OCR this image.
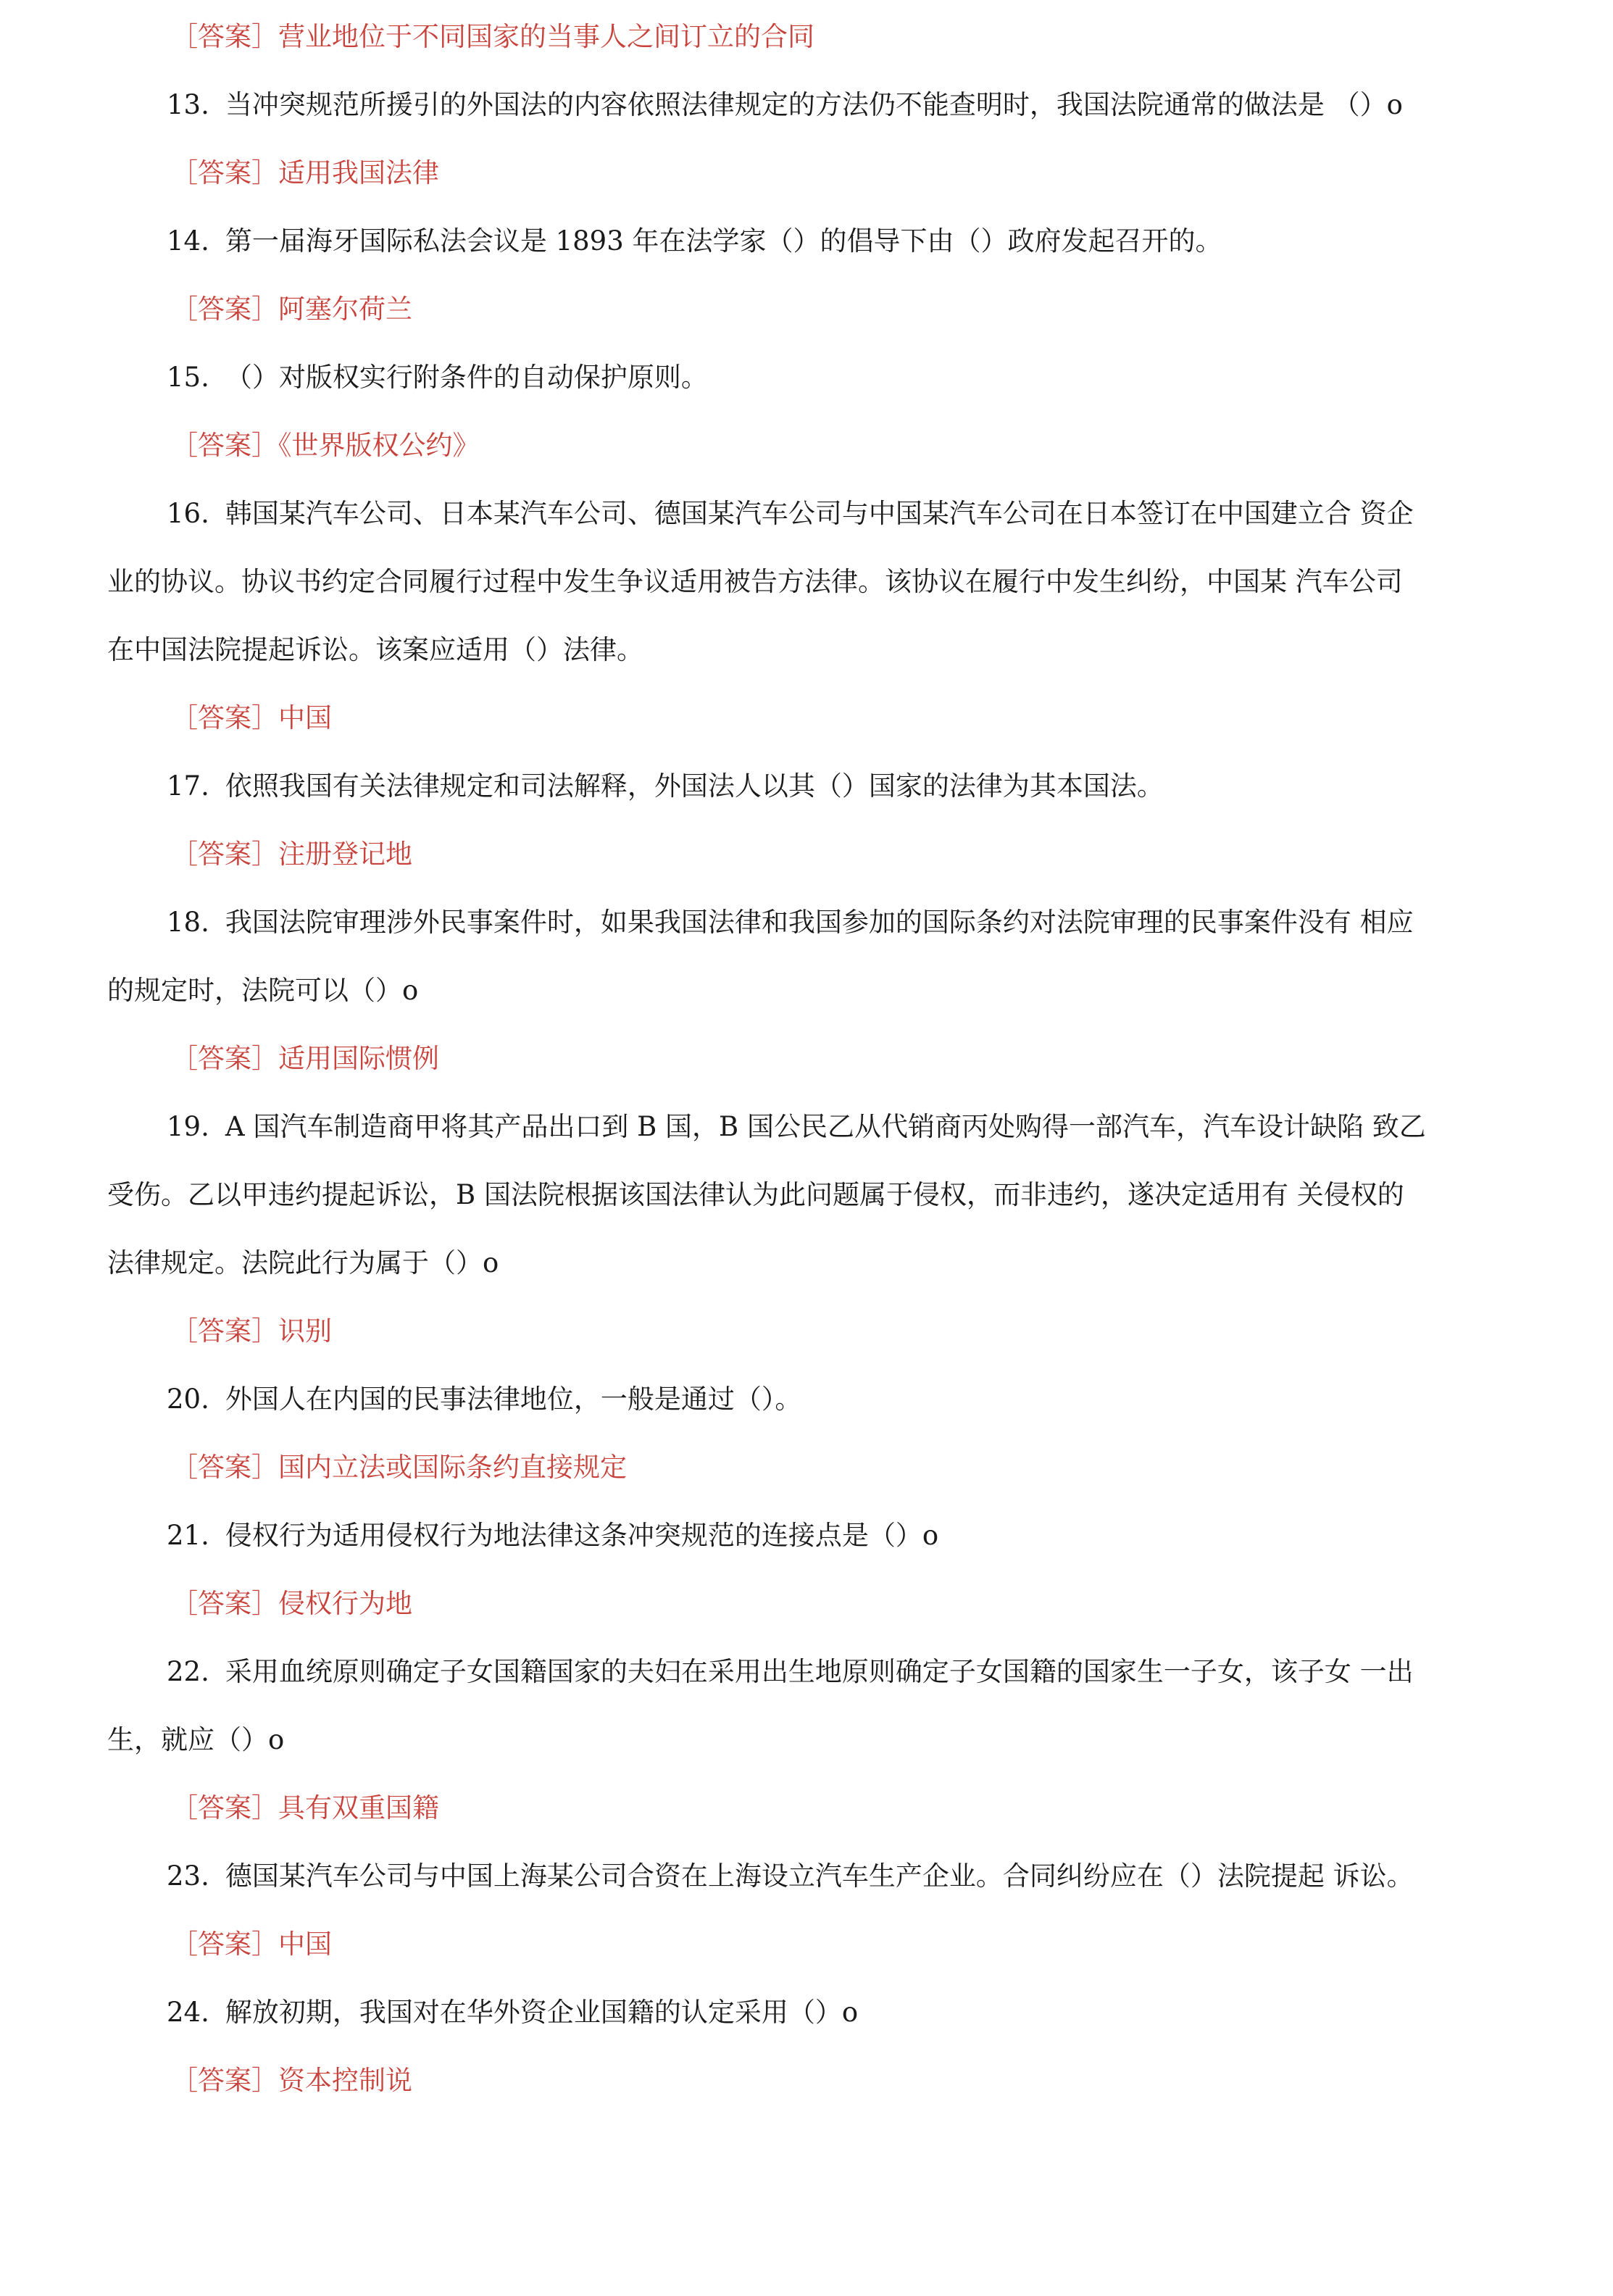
［答案］营业地位于不同国家的当事人之间订立的合同
13. 当冲突规范所援引的外国法的内容依照法律规定的方法仍不能查明时，我国法院通常的做法是 （）o
［答案］适用我国法律
14. 第一届海牙国际私法会议是 1893 年在法学家（）的倡导下由（）政府发起召开的。
［答案］阿塞尔荷兰
15. （）对版权实行附条件的自动保护原则。
［答案］《世界版权公约》
16. 韩国某汽车公司、日本某汽车公司、德国某汽车公司与中国某汽车公司在日本签订在中国建立合 资企
业的协议。协议书约定合同履行过程中发生争议适用被告方法律。该协议在履行中发生纠纷，中国某 汽车公司
在中国法院提起诉讼。该案应适用（）法律。
［答案］中国
17. 依照我国有关法律规定和司法解释，外国法人以其（）国家的法律为其本国法。
［答案］注册登记地
18. 我国法院审理涉外民事案件时，如果我国法律和我国参加的国际条约对法院审理的民事案件没有 相应
的规定时，法院可以（）o
［答案］适用国际惯例
19. A 国汽车制造商甲将其产品出口到 B 国，B 国公民乙从代销商丙处购得一部汽车，汽车设计缺陷 致乙
受伤。乙以甲违约提起诉讼，B 国法院根据该国法律认为此问题属于侵权，而非违约，遂决定适用有 关侵权的
法律规定。法院此行为属于（）o
［答案］识别
20. 外国人在内国的民事法律地位，一般是通过（）。
［答案］国内立法或国际条约直接规定
21. 侵权行为适用侵权行为地法律这条冲突规范的连接点是（）o
［答案］侵权行为地
22. 采用血统原则确定子女国籍国家的夫妇在采用出生地原则确定子女国籍的国家生一子女，该子女 一出
生，就应（）o
［答案］具有双重国籍
23. 德国某汽车公司与中国上海某公司合资在上海设立汽车生产企业。合同纠纷应在（）法院提起 诉讼。
［答案］中国
24. 解放初期，我国对在华外资企业国籍的认定采用（）o
［答案］资本控制说
